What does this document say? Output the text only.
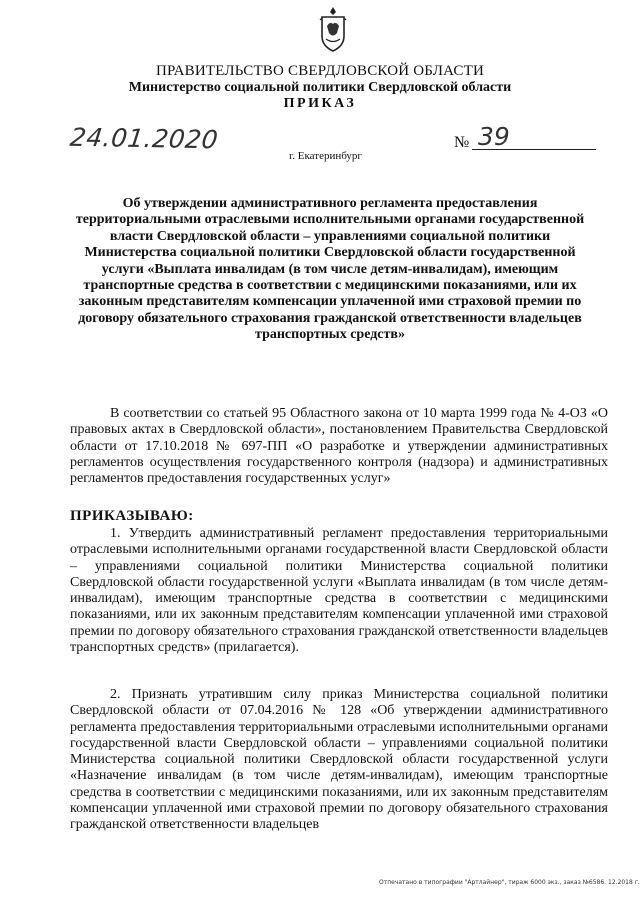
ПРАВИТЕЛЬСТВО СВЕРДЛОВСКОЙ ОБЛАСТИ
Министерство социальной политики Свердловской области
ПРИКАЗ
24.01.2020	№ 39
г. Екатеринбург
Об утверждении административного регламента предоставления территориальными отраслевыми исполнительными органами государственной власти Свердловской области – управлениями социальной политики Министерства социальной политики Свердловской области государственной услуги «Выплата инвалидам (в том числе детям-инвалидам), имеющим транспортные средства в соответствии с медицинскими показаниями, или их законным представителям компенсации уплаченной ими страховой премии по договору обязательного страхования гражданской ответственности владельцев транспортных средств»
В соответствии со статьей 95 Областного закона от 10 марта 1999 года № 4-ОЗ «О правовых актах в Свердловской области», постановлением Правительства Свердловской области от 17.10.2018 № 697-ПП «О разработке и утверждении административных регламентов осуществления государственного контроля (надзора) и административных регламентов предоставления государственных услуг»
ПРИКАЗЫВАЮ:
1. Утвердить административный регламент предоставления территориальными отраслевыми исполнительными органами государственной власти Свердловской области – управлениями социальной политики Министерства социальной политики Свердловской области государственной услуги «Выплата инвалидам (в том числе детям-инвалидам), имеющим транспортные средства в соответствии с медицинскими показаниями, или их законным представителям компенсации уплаченной ими страховой премии по договору обязательного страхования гражданской ответственности владельцев транспортных средств» (прилагается).
2. Признать утратившим силу приказ Министерства социальной политики Свердловской области от 07.04.2016 № 128 «Об утверждении административного регламента предоставления территориальными отраслевыми исполнительными органами государственной власти Свердловской области – управлениями социальной политики Министерства социальной политики Свердловской области государственной услуги «Назначение инвалидам (в том числе детям-инвалидам), имеющим транспортные средства в соответствии с медицинскими показаниями, или их законным представителям компенсации уплаченной ими страховой премии по договору обязательного страхования гражданской ответственности владельцев
Отпечатано в типографии "Артлайнер", тираж 6000 экз., заказ №6586. 12.2018 г.
